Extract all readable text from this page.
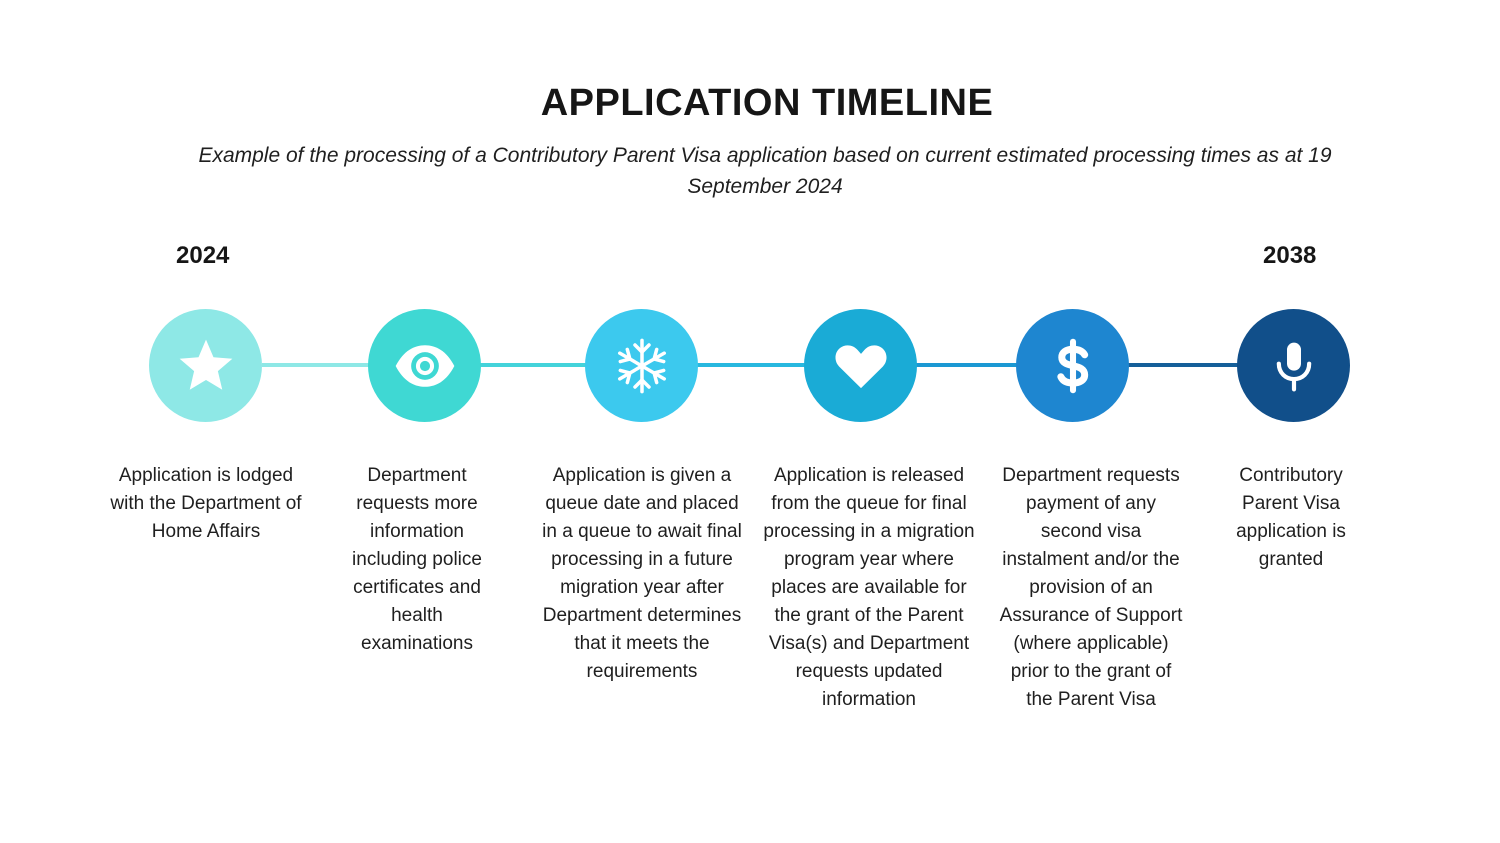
APPLICATION TIMELINE
Example of the processing of a Contributory Parent Visa application based on current estimated processing times as at 19 September 2024
2024	2038
Application is lodged with the Department of Home Affairs
Department requests more information including police certificates and health examinations
Application is given a queue date and placed in a queue to await final processing in a future migration year after Department determines that it meets the requirements
Application is released from the queue for final processing in a migration program year where places are available for the grant of the Parent Visa(s) and Department requests updated information
Department requests payment of any second visa instalment and/or the provision of an Assurance of Support (where applicable) prior to the grant of the Parent Visa
Contributory Parent Visa application is granted
